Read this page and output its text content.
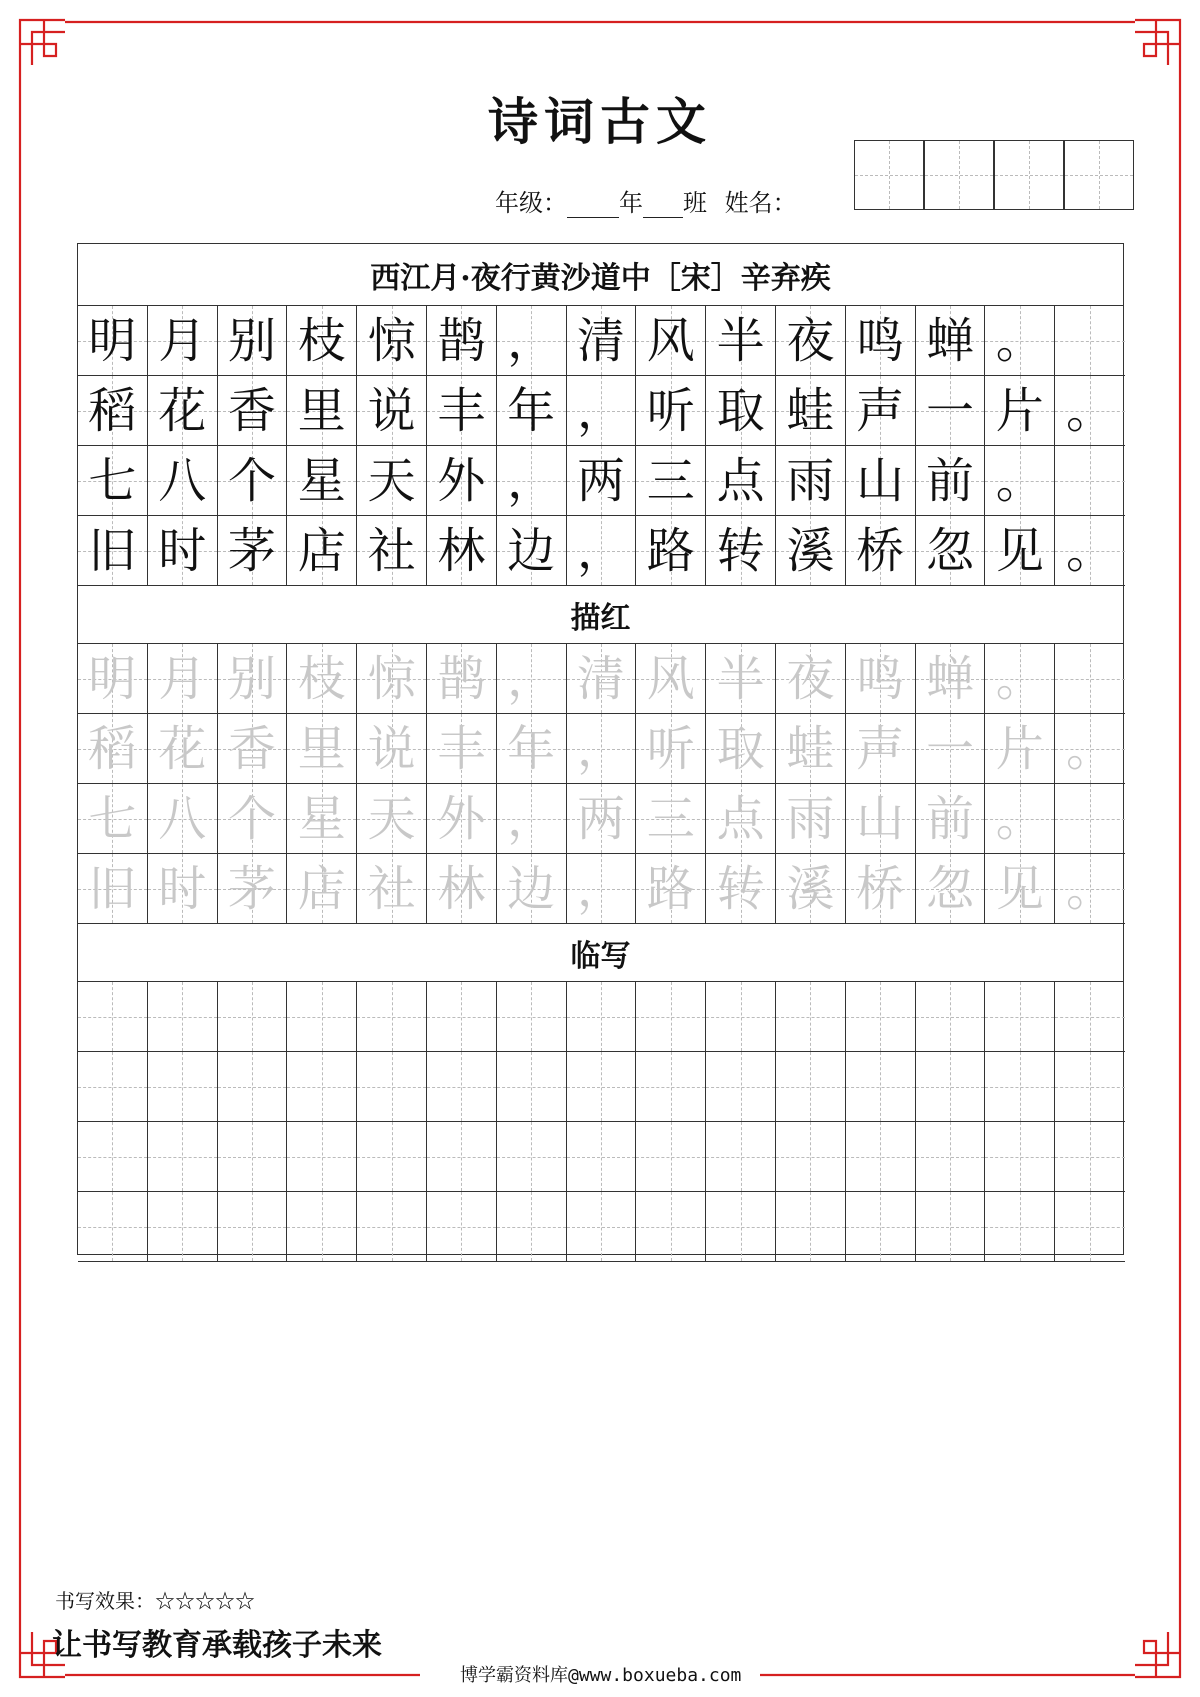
诗词古文
年级： 年 班 姓名：
西江月·夜行黄沙道中［宋］辛弃疾
明 月 别 枝 惊 鹊 ， 清 风 半 夜 鸣 蝉 。
稻 花 香 里 说 丰 年 ， 听 取 蛙 声 一 片 。
七 八 个 星 天 外 ， 两 三 点 雨 山 前 。
旧 时 茅 店 社 林 边 ， 路 转 溪 桥 忽 见 。
描红
明 月 别 枝 惊 鹊 ， 清 风 半 夜 鸣 蝉 。
稻 花 香 里 说 丰 年 ， 听 取 蛙 声 一 片 。
七 八 个 星 天 外 ， 两 三 点 雨 山 前 。
旧 时 茅 店 社 林 边 ， 路 转 溪 桥 忽 见 。
临写
书写效果：☆☆☆☆☆
让书写教育承载孩子未来
博学霸资料库@www.boxueba.com
